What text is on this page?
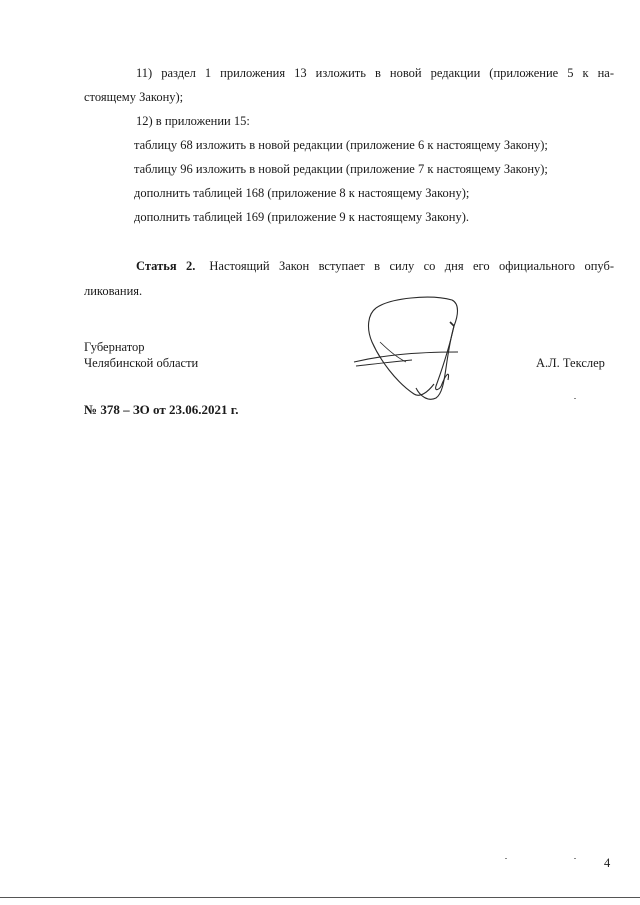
11) раздел 1 приложения 13 изложить в новой редакции (приложение 5 к на-
стоящему Закону);
12) в приложении 15:
таблицу 68 изложить в новой редакции (приложение 6 к настоящему Закону);
таблицу 96 изложить в новой редакции (приложение 7 к настоящему Закону);
дополнить таблицей 168 (приложение 8 к настоящему Закону);
дополнить таблицей 169 (приложение 9 к настоящему Закону).
Статья 2. Настоящий Закон вступает в силу со дня его официального опуб-
ликования.
Губернатор
Челябинской области	А.Л. Текслер
№ 378 – ЗО от 23.06.2021 г.
4
